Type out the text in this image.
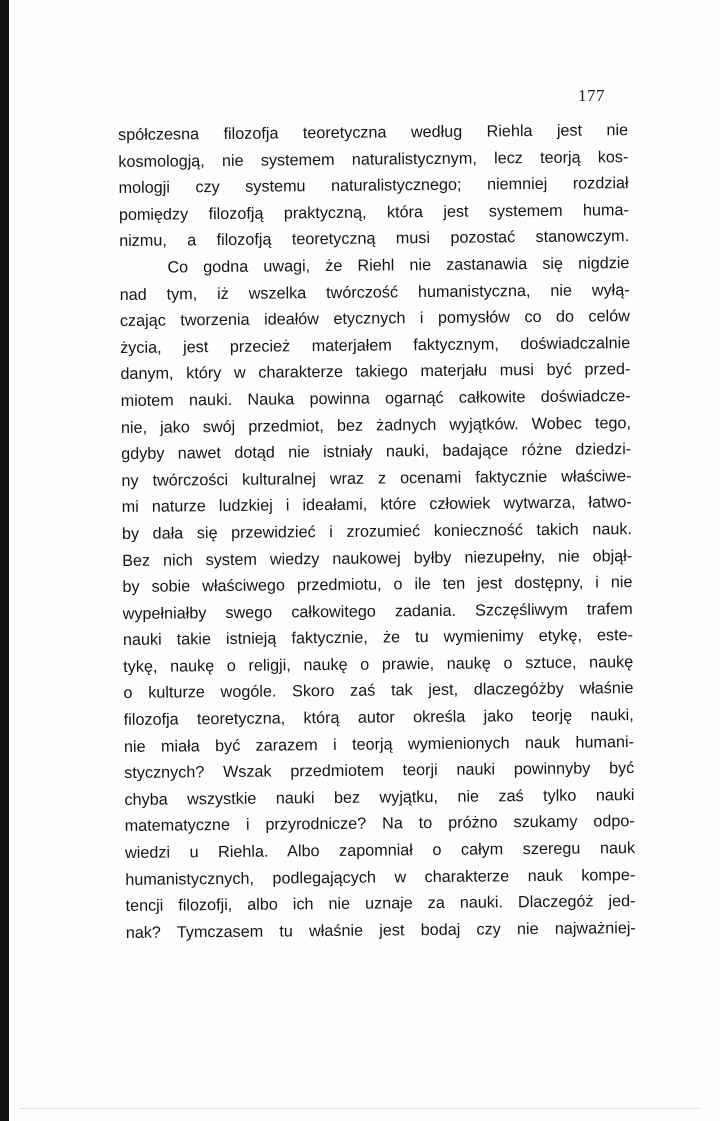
177
spółczesna filozofja teoretyczna według Riehla jest nie
kosmologją, nie systemem naturalistycznym, lecz teorją kos-
mologji czy systemu naturalistycznego; niemniej rozdział
pomiędzy filozofją praktyczną, która jest systemem huma-
nizmu, a filozofją teoretyczną musi pozostać stanowczym.
Co godna uwagi, że Riehl nie zastanawia się nigdzie
nad tym, iż wszelka twórczość humanistyczna, nie wyłą-
czając tworzenia ideałów etycznych i pomysłów co do celów
życia, jest przecież materjałem faktycznym, doświadczalnie
danym, który w charakterze takiego materjału musi być przed-
miotem nauki. Nauka powinna ogarnąć całkowite doświadcze-
nie, jako swój przedmiot, bez żadnych wyjątków. Wobec tego,
gdyby nawet dotąd nie istniały nauki, badające różne dziedzi-
ny twórczości kulturalnej wraz z ocenami faktycznie właściwe-
mi naturze ludzkiej i ideałami, które człowiek wytwarza, łatwo-
by dała się przewidzieć i zrozumieć konieczność takich nauk.
Bez nich system wiedzy naukowej byłby niezupełny, nie objął-
by sobie właściwego przedmiotu, o ile ten jest dostępny, i nie
wypełniałby swego całkowitego zadania. Szczęśliwym trafem
nauki takie istnieją faktycznie, że tu wymienimy etykę, este-
tykę, naukę o religji, naukę o prawie, naukę o sztuce, naukę
o kulturze wogóle. Skoro zaś tak jest, dlaczegóżby właśnie
filozofja teoretyczna, którą autor określa jako teorję nauki,
nie miała być zarazem i teorją wymienionych nauk humani-
stycznych? Wszak przedmiotem teorji nauki powinnyby być
chyba wszystkie nauki bez wyjątku, nie zaś tylko nauki
matematyczne i przyrodnicze? Na to próżno szukamy odpo-
wiedzi u Riehla. Albo zapomniał o całym szeregu nauk
humanistycznych, podlegających w charakterze nauk kompe-
tencji filozofji, albo ich nie uznaje za nauki. Dlaczegóż jed-
nak? Tymczasem tu właśnie jest bodaj czy nie najważniej-
